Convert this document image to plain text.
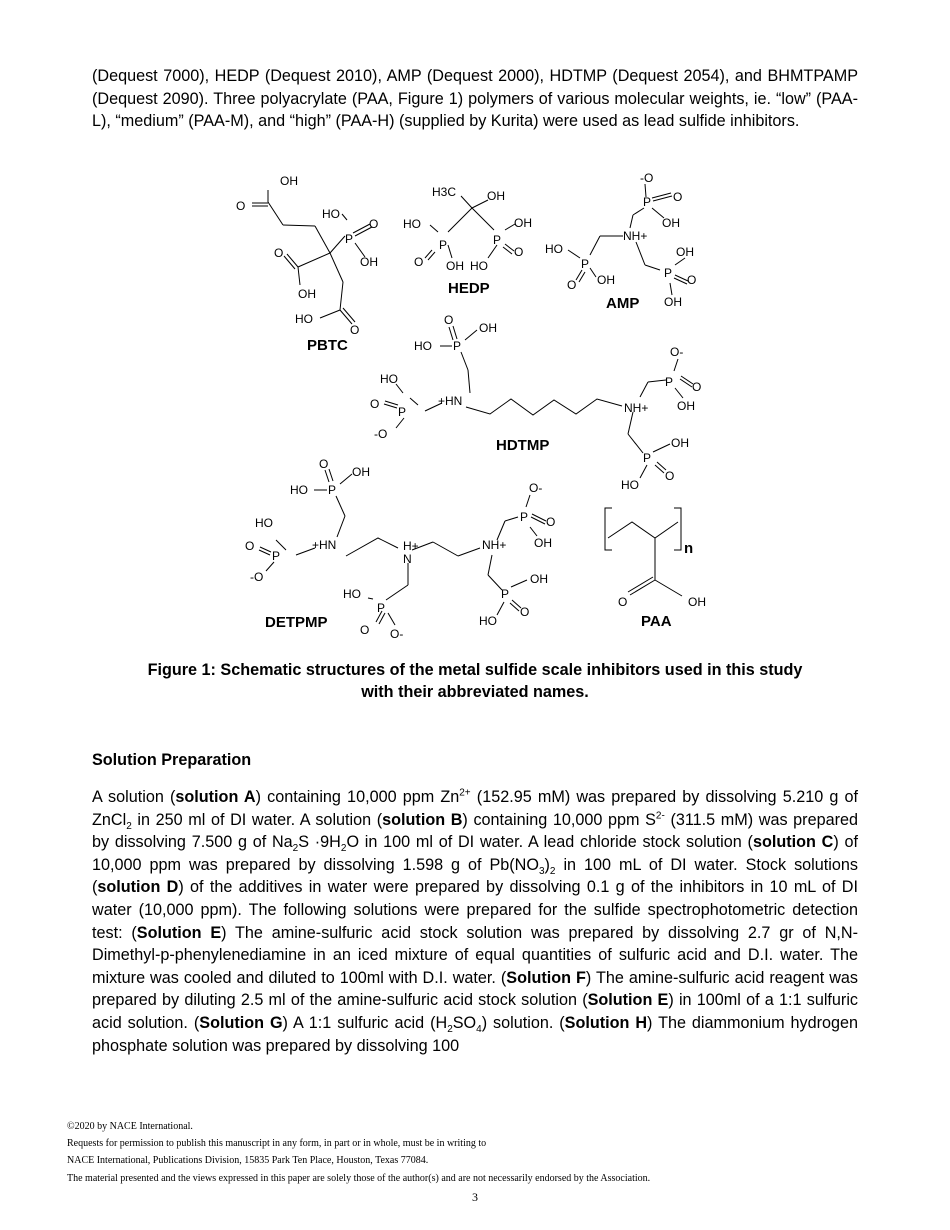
(Dequest 7000), HEDP (Dequest 2010), AMP (Dequest 2000), HDTMP (Dequest 2054), and BHMTPAMP (Dequest 2090). Three polyacrylate (PAA, Figure 1) polymers of various molecular weights, ie. “low” (PAA-L), “medium” (PAA-M), and “high” (PAA-H) (supplied by Kurita) were used as lead sulfide inhibitors.

OH
O
HO
P
O
OH
O
OH
HO
O
PBTC
H3C	OH
HO
P
OH
P
O
O OH HO
HEDP
-O
P O
OH
NH+
HO
P
O OH
OH
P O
OH
AMP
O
OH
HO P
HO
+HN
O
P
-O
O-
P O
OH
NH+
HDTMP	OH
P
O
HO
O
OH
HO P
HO
+HN
O
P
-O
H+
N
NH+
O-
P O
OH
HO
P
O O-
DETPMP
OH
P
O
HO
n
O	OH
PAA
Figure 1: Schematic structures of the metal sulfide scale inhibitors used in this study
with their abbreviated names.

Solution Preparation

A solution (solution A) containing 10,000 ppm $Zn^{2+}$ (152.95 mM) was prepared by dissolving 5.210 g of ZnCl$_2$ in 250 ml of DI water. A solution (solution B) containing 10,000 ppm $S^{2-}$ (311.5 mM) was prepared by dissolving 7.500 g of $Na_2S \cdot 9H_2O$ in 100 ml of DI water. A lead chloride stock solution (solution C) of 10,000 ppm was prepared by dissolving 1.598 g of $Pb(NO_3)_2$ in 100 mL of DI water. Stock solutions (solution D) of the additives in water were prepared by dissolving 0.1 g of the inhibitors in 10 mL of DI water (10,000 ppm). The following solutions were prepared for the sulfide spectrophotometric detection test: (Solution E) The amine-sulfuric acid stock solution was prepared by dissolving 2.7 gr of N,N-Dimethyl-p-phenylenediamine in an iced mixture of equal quantities of sulfuric acid and D.I. water. The mixture was cooled and diluted to 100ml with D.I. water. (Solution F) The amine-sulfuric acid reagent was prepared by diluting 2.5 ml of the amine-sulfuric acid stock solution (Solution E) in 100ml of a 1:1 sulfuric acid solution. (Solution G) A 1:1 sulfuric acid $(H_2SO_4)$ solution. (Solution H) The diammonium hydrogen phosphate solution was prepared by dissolving 100

©2020 by NACE International.
Requests for permission to publish this manuscript in any form, in part or in whole, must be in writing to
NACE International, Publications Division, 15835 Park Ten Place, Houston, Texas 77084.
The material presented and the views expressed in this paper are solely those of the author(s) and are not necessarily endorsed by the Association.
3
